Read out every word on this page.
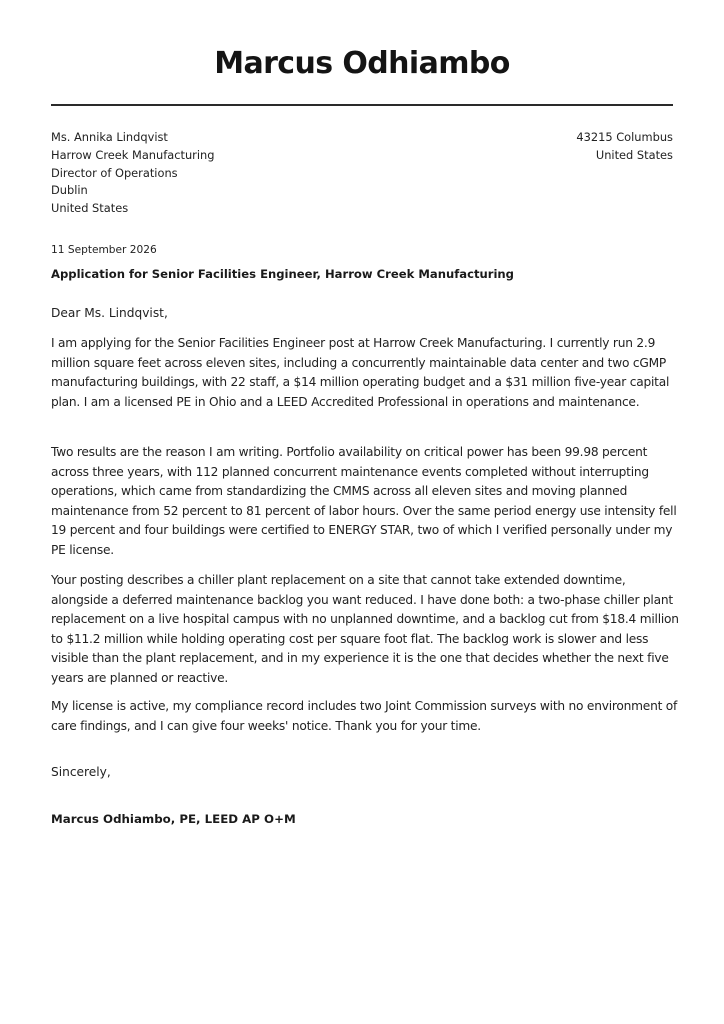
Marcus Odhiambo
Ms. Annika Lindqvist
Harrow Creek Manufacturing
Director of Operations
Dublin
United States
43215 Columbus
United States
11 September 2026
Application for Senior Facilities Engineer, Harrow Creek Manufacturing
Dear Ms. Lindqvist,
I am applying for the Senior Facilities Engineer post at Harrow Creek Manufacturing. I currently run 2.9 million square feet across eleven sites, including a concurrently maintainable data center and two cGMP manufacturing buildings, with 22 staff, a $14 million operating budget and a $31 million five-year capital plan. I am a licensed PE in Ohio and a LEED Accredited Professional in operations and maintenance.
Two results are the reason I am writing. Portfolio availability on critical power has been 99.98 percent across three years, with 112 planned concurrent maintenance events completed without interrupting operations, which came from standardizing the CMMS across all eleven sites and moving planned maintenance from 52 percent to 81 percent of labor hours. Over the same period energy use intensity fell 19 percent and four buildings were certified to ENERGY STAR, two of which I verified personally under my PE license.
Your posting describes a chiller plant replacement on a site that cannot take extended downtime, alongside a deferred maintenance backlog you want reduced. I have done both: a two-phase chiller plant replacement on a live hospital campus with no unplanned downtime, and a backlog cut from $18.4 million to $11.2 million while holding operating cost per square foot flat. The backlog work is slower and less visible than the plant replacement, and in my experience it is the one that decides whether the next five years are planned or reactive.
My license is active, my compliance record includes two Joint Commission surveys with no environment of care findings, and I can give four weeks' notice. Thank you for your time.
Sincerely,
Marcus Odhiambo, PE, LEED AP O+M
